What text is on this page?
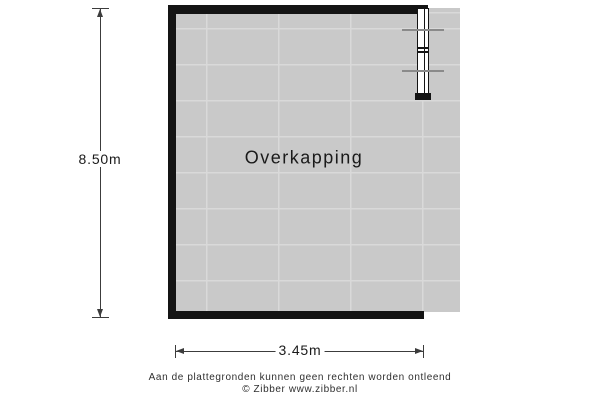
Overkapping
8.50m
3.45m
Aan de plattegronden kunnen geen rechten worden ontleend
© Zibber www.zibber.nl
